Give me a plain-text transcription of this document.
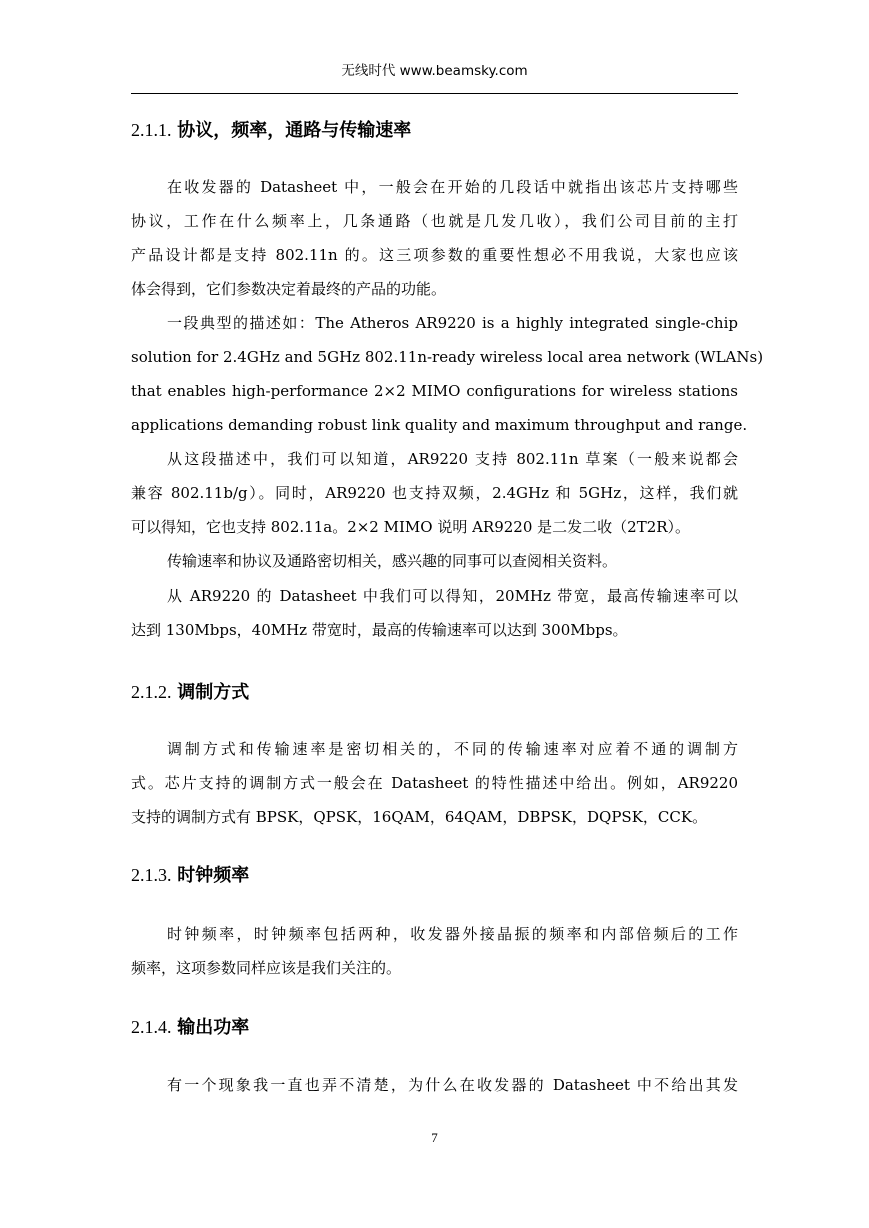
无线时代 www.beamsky.com
2.1.1. 协议，频率，通路与传输速率
在收发器的 Datasheet 中，一般会在开始的几段话中就指出该芯片支持哪些
协议，工作在什么频率上，几条通路（也就是几发几收），我们公司目前的主打
产品设计都是支持 802.11n 的。这三项参数的重要性想必不用我说，大家也应该
体会得到，它们参数决定着最终的产品的功能。
一段典型的描述如：The Atheros AR9220 is a highly integrated single-chip
solution for 2.4GHz and 5GHz 802.11n-ready wireless local area network (WLANs)
that enables high-performance 2×2 MIMO configurations for wireless stations
applications demanding robust link quality and maximum throughput and range.
从这段描述中，我们可以知道，AR9220 支持 802.11n 草案（一般来说都会
兼容 802.11b/g）。同时，AR9220 也支持双频，2.4GHz 和 5GHz，这样，我们就
可以得知，它也支持 802.11a。2×2 MIMO 说明 AR9220 是二发二收（2T2R）。
传输速率和协议及通路密切相关，感兴趣的同事可以查阅相关资料。
从 AR9220 的 Datasheet 中我们可以得知，20MHz 带宽，最高传输速率可以
达到 130Mbps，40MHz 带宽时，最高的传输速率可以达到 300Mbps。
2.1.2. 调制方式
调制方式和传输速率是密切相关的，不同的传输速率对应着不通的调制方
式。芯片支持的调制方式一般会在 Datasheet 的特性描述中给出。例如，AR9220
支持的调制方式有 BPSK，QPSK，16QAM，64QAM，DBPSK，DQPSK，CCK。
2.1.3. 时钟频率
时钟频率，时钟频率包括两种，收发器外接晶振的频率和内部倍频后的工作
频率，这项参数同样应该是我们关注的。
2.1.4. 输出功率
有一个现象我一直也弄不清楚，为什么在收发器的 Datasheet 中不给出其发
7
